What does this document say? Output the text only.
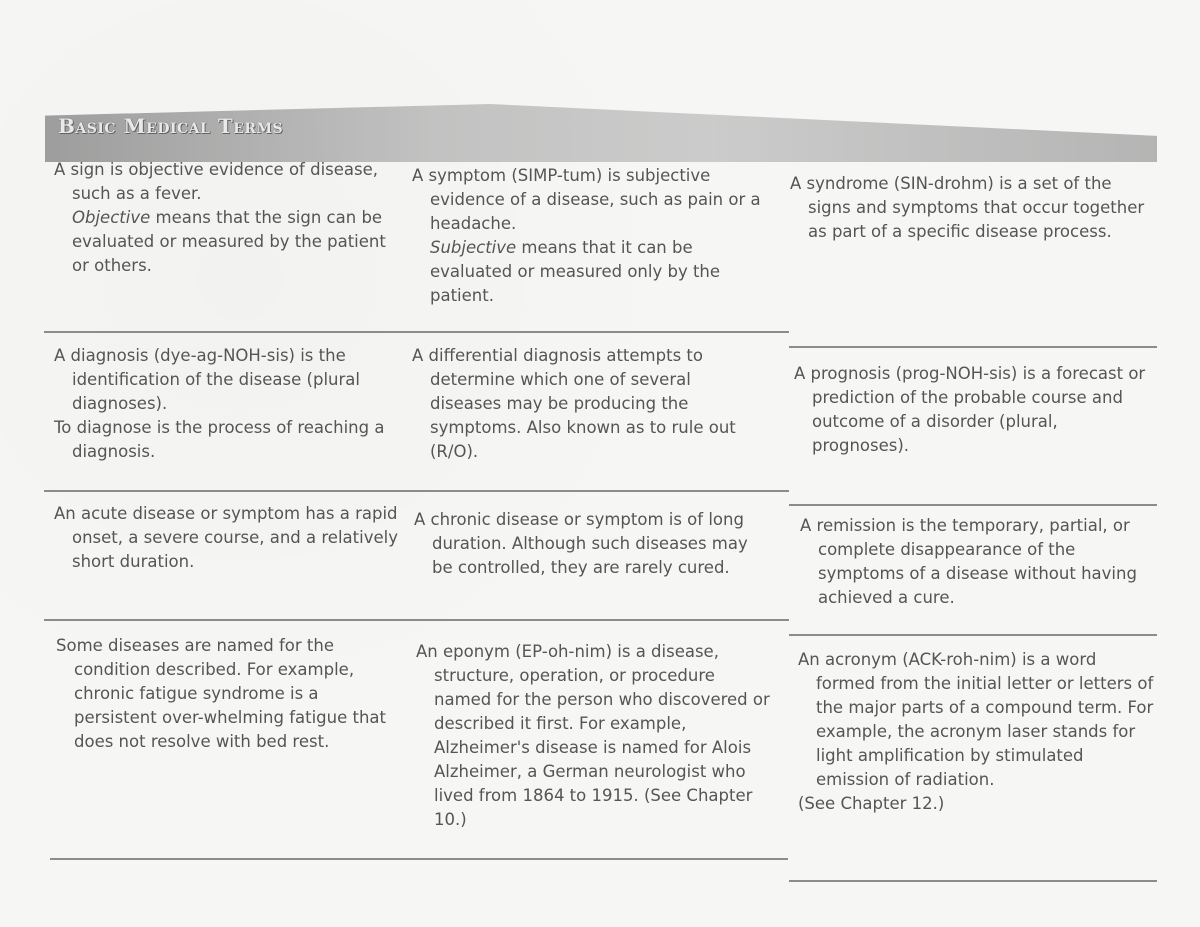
Basic Medical Terms

A sign is objective evidence of disease, such as a fever.

Objective means that the sign can be evaluated or measured by the patient or others.

A symptom (SIMP-tum) is subjective evidence of a disease, such as pain or a headache.

Subjective means that it can be evaluated or measured only by the patient.

A syndrome (SIN-drohm) is a set of the signs and symptoms that occur together as part of a specific disease process.

A diagnosis (dye-ag-NOH-sis) is the identification of the disease (plural diagnoses).

To diagnose is the process of reaching a diagnosis.

A differential diagnosis attempts to determine which one of several diseases may be producing the symptoms. Also known as to rule out (R/O).

A prognosis (prog-NOH-sis) is a forecast or prediction of the probable course and outcome of a disorder (plural, prognoses).

An acute disease or symptom has a rapid onset, a severe course, and a relatively short duration.

A chronic disease or symptom is of long duration. Although such diseases may be controlled, they are rarely cured.

A remission is the temporary, partial, or complete disappearance of the symptoms of a disease without having achieved a cure.

Some diseases are named for the condition described. For example, chronic fatigue syndrome is a persistent over-whelming fatigue that does not resolve with bed rest.

An eponym (EP-oh-nim) is a disease, structure, operation, or procedure named for the person who discovered or described it first. For example, Alzheimer's disease is named for Alois Alzheimer, a German neurologist who lived from 1864 to 1915. (See Chapter 10.)

An acronym (ACK-roh-nim) is a word formed from the initial letter or letters of the major parts of a compound term. For example, the acronym laser stands for light amplification by stimulated emission of radiation.

(See Chapter 12.)
